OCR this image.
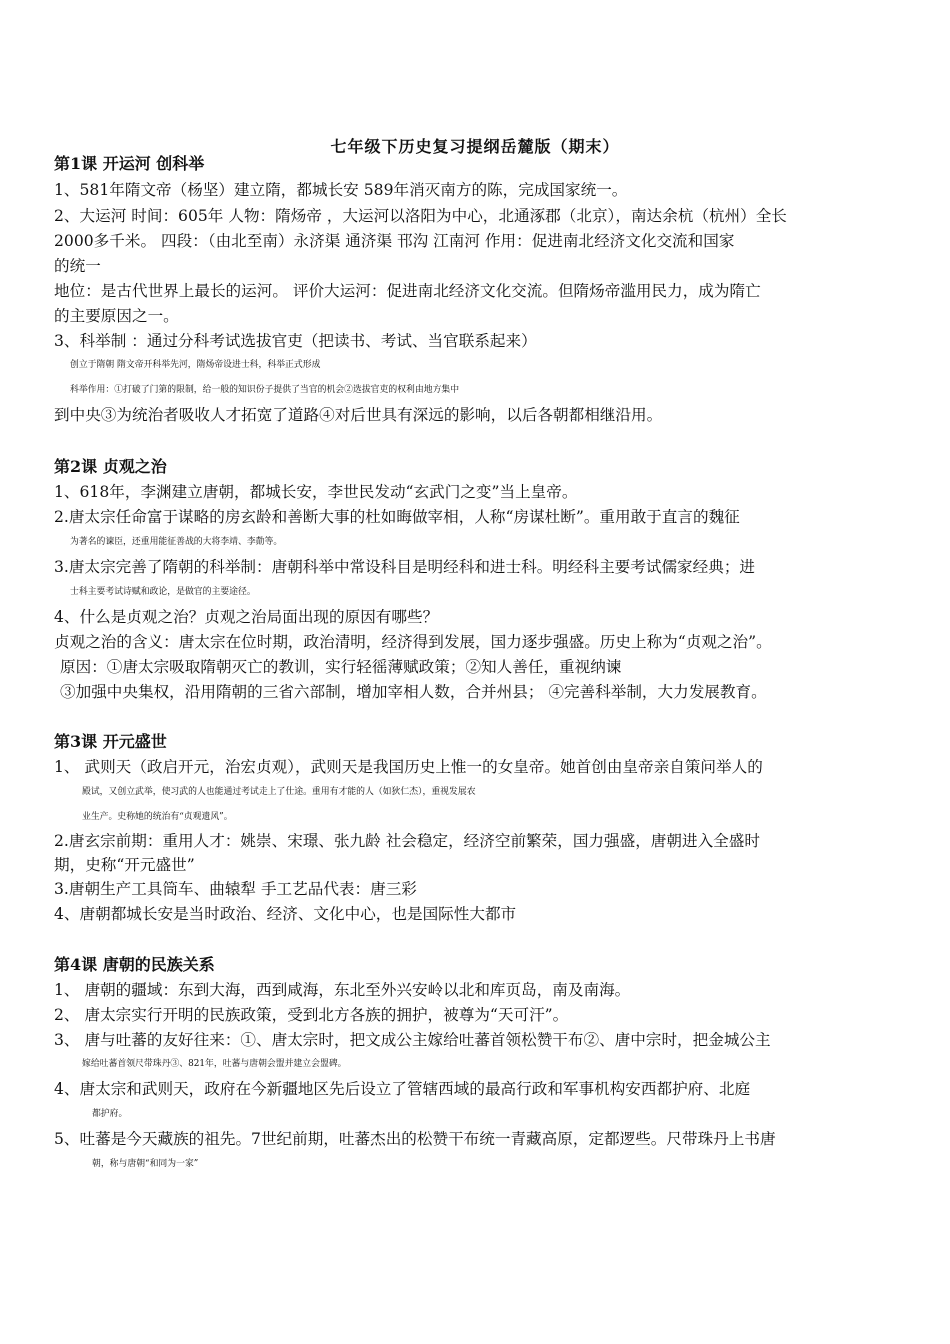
七年级下历史复习提纲岳麓版（期末）
第1课 开运河 创科举
1、581年隋文帝（杨坚）建立隋，都城长安 589年消灭南方的陈，完成国家统一。
2、大运河 时间：605年 人物：隋炀帝 ，大运河以洛阳为中心，北通涿郡（北京），南达余杭（杭州）全长
2000多千米。 四段：（由北至南）永济渠 通济渠 邗沟 江南河 作用：促进南北经济文化交流和国家
的统一
地位：是古代世界上最长的运河。 评价大运河：促进南北经济文化交流。但隋炀帝滥用民力，成为隋亡
的主要原因之一。
3、科举制 ：通过分科考试选拔官吏（把读书、考试、当官联系起来）
创立于隋朝 隋文帝开科举先河，隋炀帝设进士科，科举正式形成
科举作用：①打破了门第的限制，给一般的知识份子提供了当官的机会②选拔官吏的权利由地方集中
到中央③为统治者吸收人才拓宽了道路④对后世具有深远的影响，以后各朝都相继沿用。
第2课 贞观之治
1、618年，李渊建立唐朝，都城长安，李世民发动“玄武门之变”当上皇帝。
2.唐太宗任命富于谋略的房玄龄和善断大事的杜如晦做宰相，人称“房谋杜断”。重用敢于直言的魏征
为著名的谏臣，还重用能征善战的大将李靖、李勣等。
3.唐太宗完善了隋朝的科举制：唐朝科举中常设科目是明经科和进士科。明经科主要考试儒家经典；进
士科主要考试诗赋和政论，是做官的主要途径。
4、什么是贞观之治？贞观之治局面出现的原因有哪些？
贞观之治的含义：唐太宗在位时期，政治清明，经济得到发展，国力逐步强盛。历史上称为“贞观之治”。
原因：①唐太宗吸取隋朝灭亡的教训，实行轻徭薄赋政策；②知人善任，重视纳谏
③加强中央集权，沿用隋朝的三省六部制，增加宰相人数，合并州县； ④完善科举制，大力发展教育。
第3课 开元盛世
1、 武则天（政启开元，治宏贞观），武则天是我国历史上惟一的女皇帝。她首创由皇帝亲自策问举人的
殿试，又创立武举，使习武的人也能通过考试走上了仕途。重用有才能的人（如狄仁杰），重视发展农
业生产。史称她的统治有“贞观遗风”。
2.唐玄宗前期：重用人才：姚崇、宋璟、张九龄 社会稳定，经济空前繁荣，国力强盛，唐朝进入全盛时
期，史称“开元盛世”
3.唐朝生产工具筒车、曲辕犁 手工艺品代表：唐三彩
4、唐朝都城长安是当时政治、经济、文化中心，也是国际性大都市
第4课 唐朝的民族关系
1、 唐朝的疆域：东到大海，西到咸海，东北至外兴安岭以北和库页岛，南及南海。
2、 唐太宗实行开明的民族政策，受到北方各族的拥护，被尊为“天可汗”。
3、 唐与吐蕃的友好往来：①、唐太宗时，把文成公主嫁给吐蕃首领松赞干布②、唐中宗时，把金城公主
嫁给吐蕃首领尺带珠丹③、821年，吐蕃与唐朝会盟并建立会盟碑。
4、唐太宗和武则天，政府在今新疆地区先后设立了管辖西域的最高行政和军事机构安西都护府、北庭
都护府。
5、吐蕃是今天藏族的祖先。7世纪前期，吐蕃杰出的松赞干布统一青藏高原，定都逻些。尺带珠丹上书唐
朝，称与唐朝“和同为一家”
